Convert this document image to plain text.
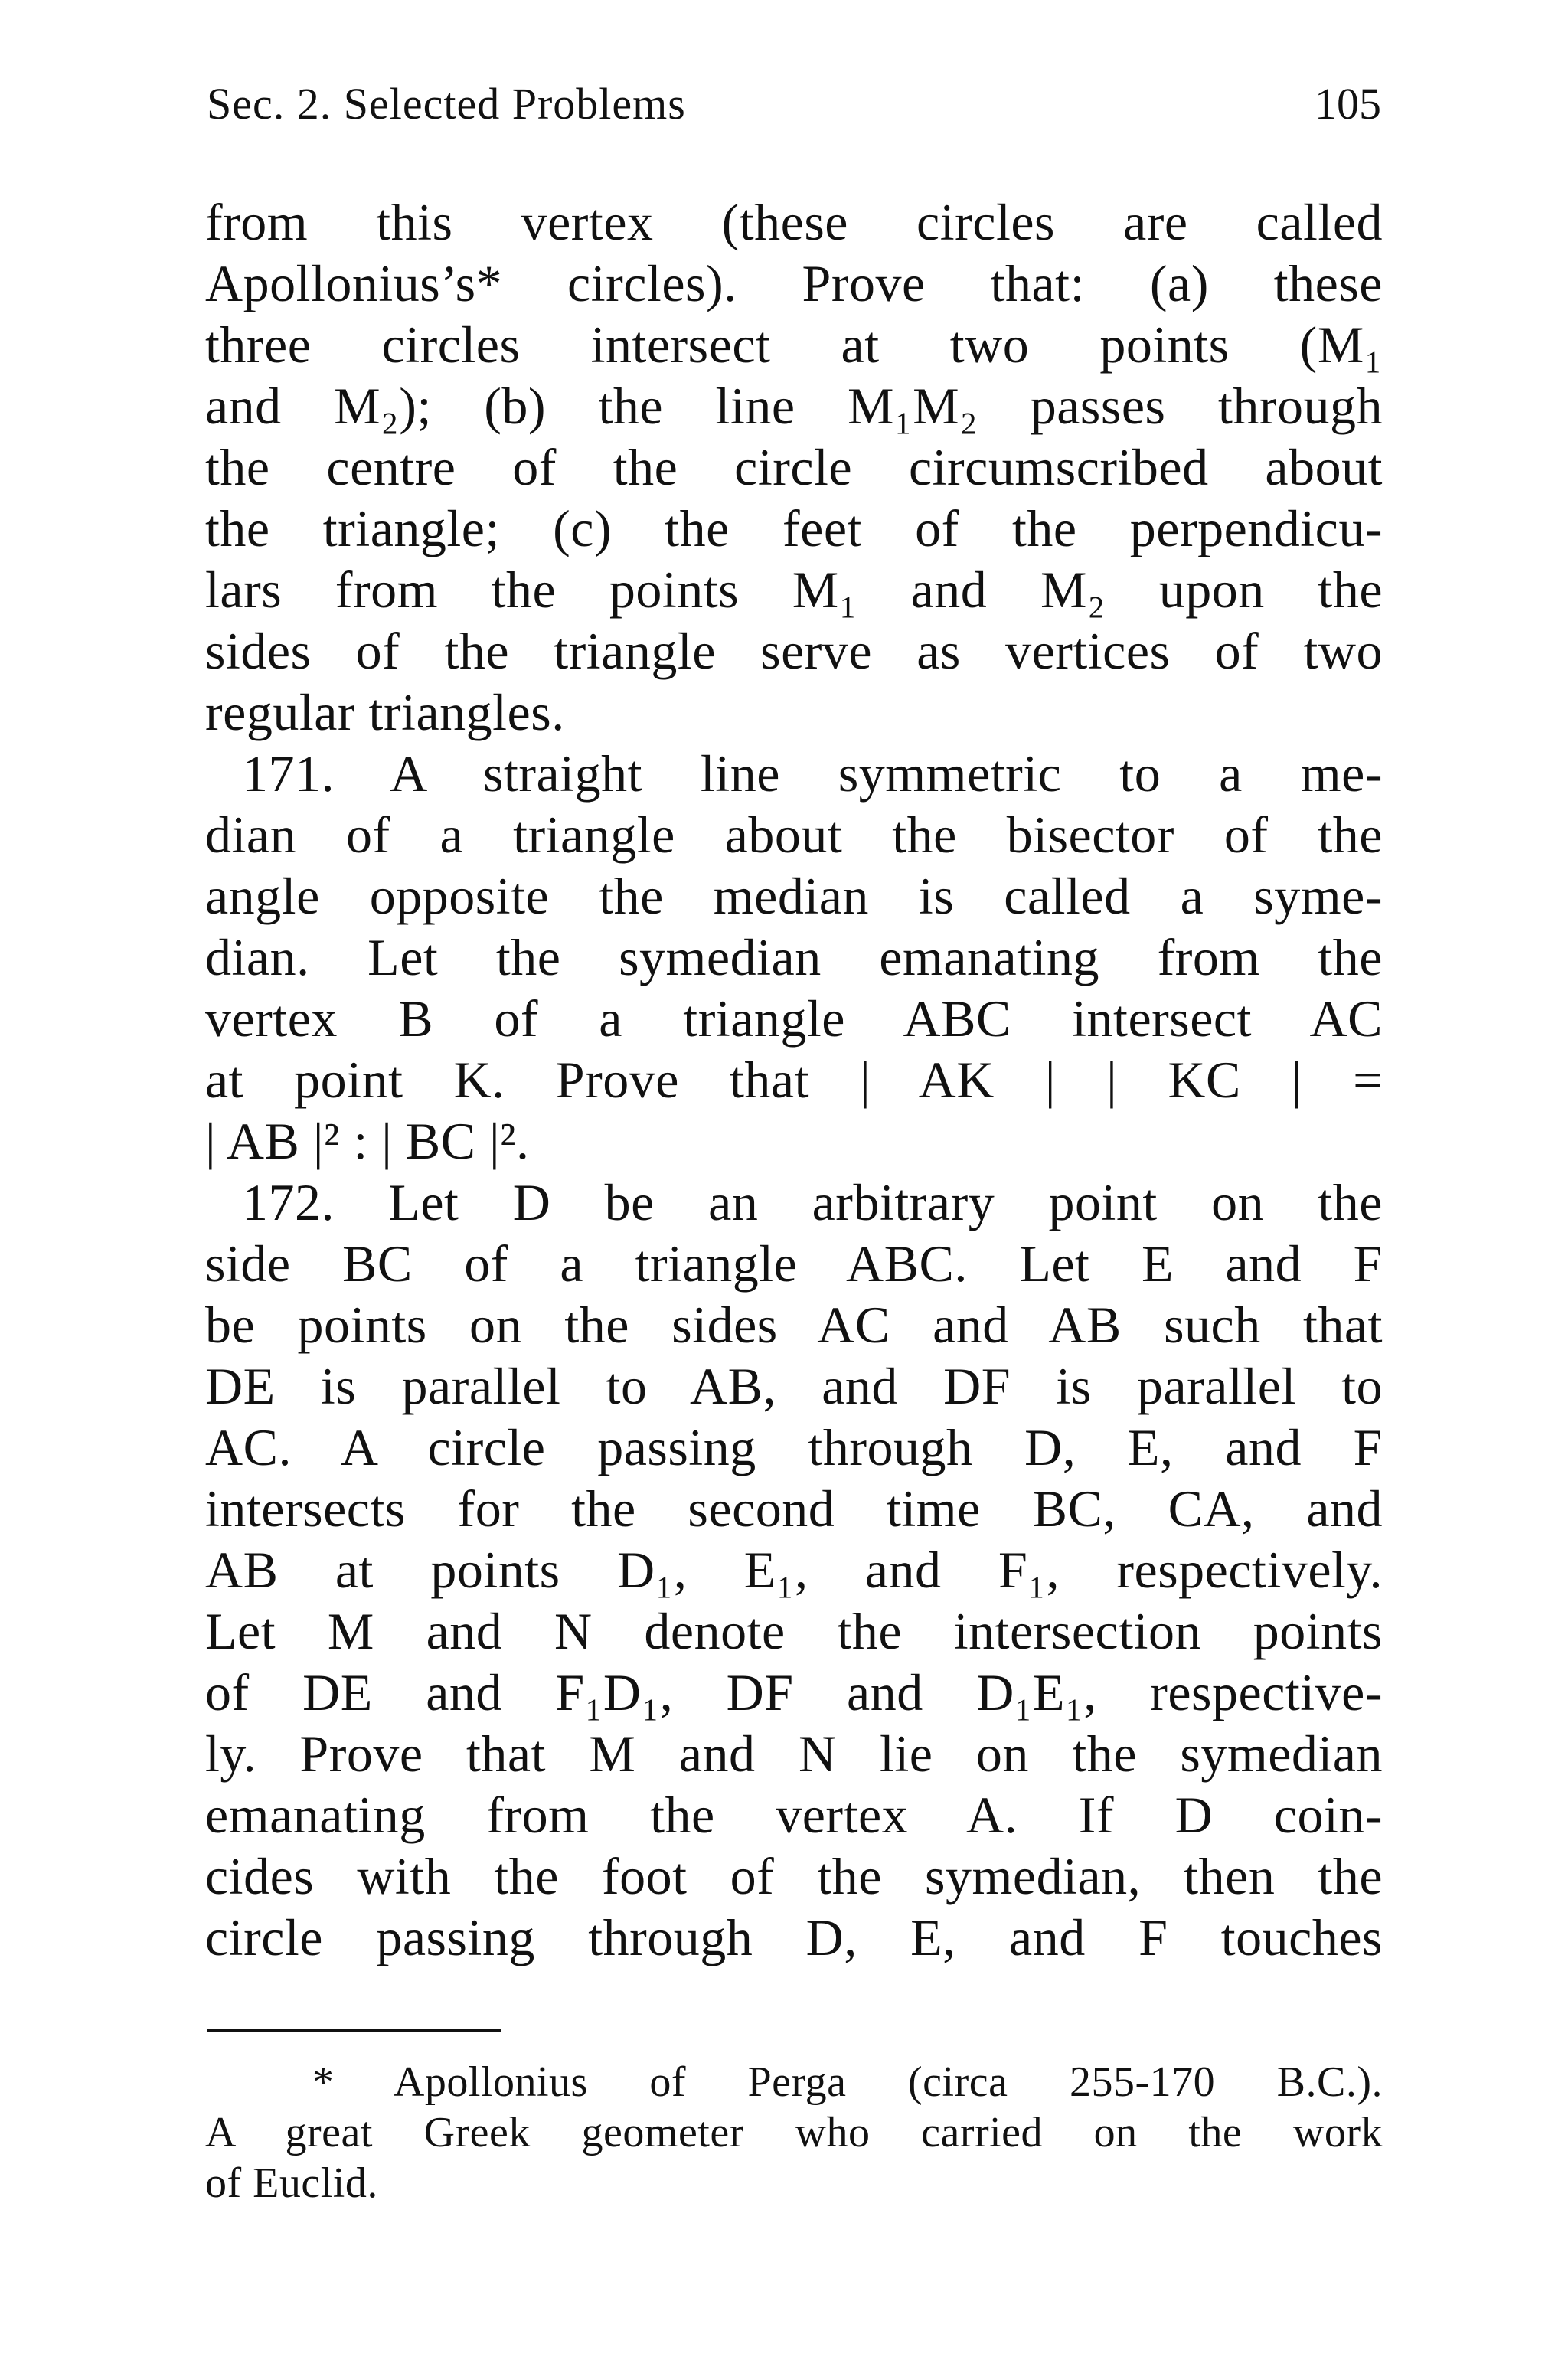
Sec. 2. Selected Problems	105
from this vertex (these circles are called
Apollonius’s* circles). Prove that: (a) these
three circles intersect at two points (M₁
and M₂); (b) the line M₁M₂ passes through
the centre of the circle circumscribed about
the triangle; (c) the feet of the perpendicu-
lars from the points M₁ and M₂ upon the
sides of the triangle serve as vertices of two
regular triangles.
171. A straight line symmetric to a me-
dian of a triangle about the bisector of the
angle opposite the median is called a syme-
dian. Let the symedian emanating from the
vertex B of a triangle ABC intersect AC
at point K. Prove that | AK | | KC | =
| AB |² : | BC |².
172. Let D be an arbitrary point on the
side BC of a triangle ABC. Let E and F
be points on the sides AC and AB such that
DE is parallel to AB, and DF is parallel to
AC. A circle passing through D, E, and F
intersects for the second time BC, CA, and
AB at points D₁, E₁, and F₁, respectively.
Let M and N denote the intersection points
of DE and F₁D₁, DF and D₁E₁, respective-
ly. Prove that M and N lie on the symedian
emanating from the vertex A. If D coin-
cides with the foot of the symedian, then the
circle passing through D, E, and F touches
* Apollonius of Perga (circa 255-170 B.C.).
A great Greek geometer who carried on the work
of Euclid.
